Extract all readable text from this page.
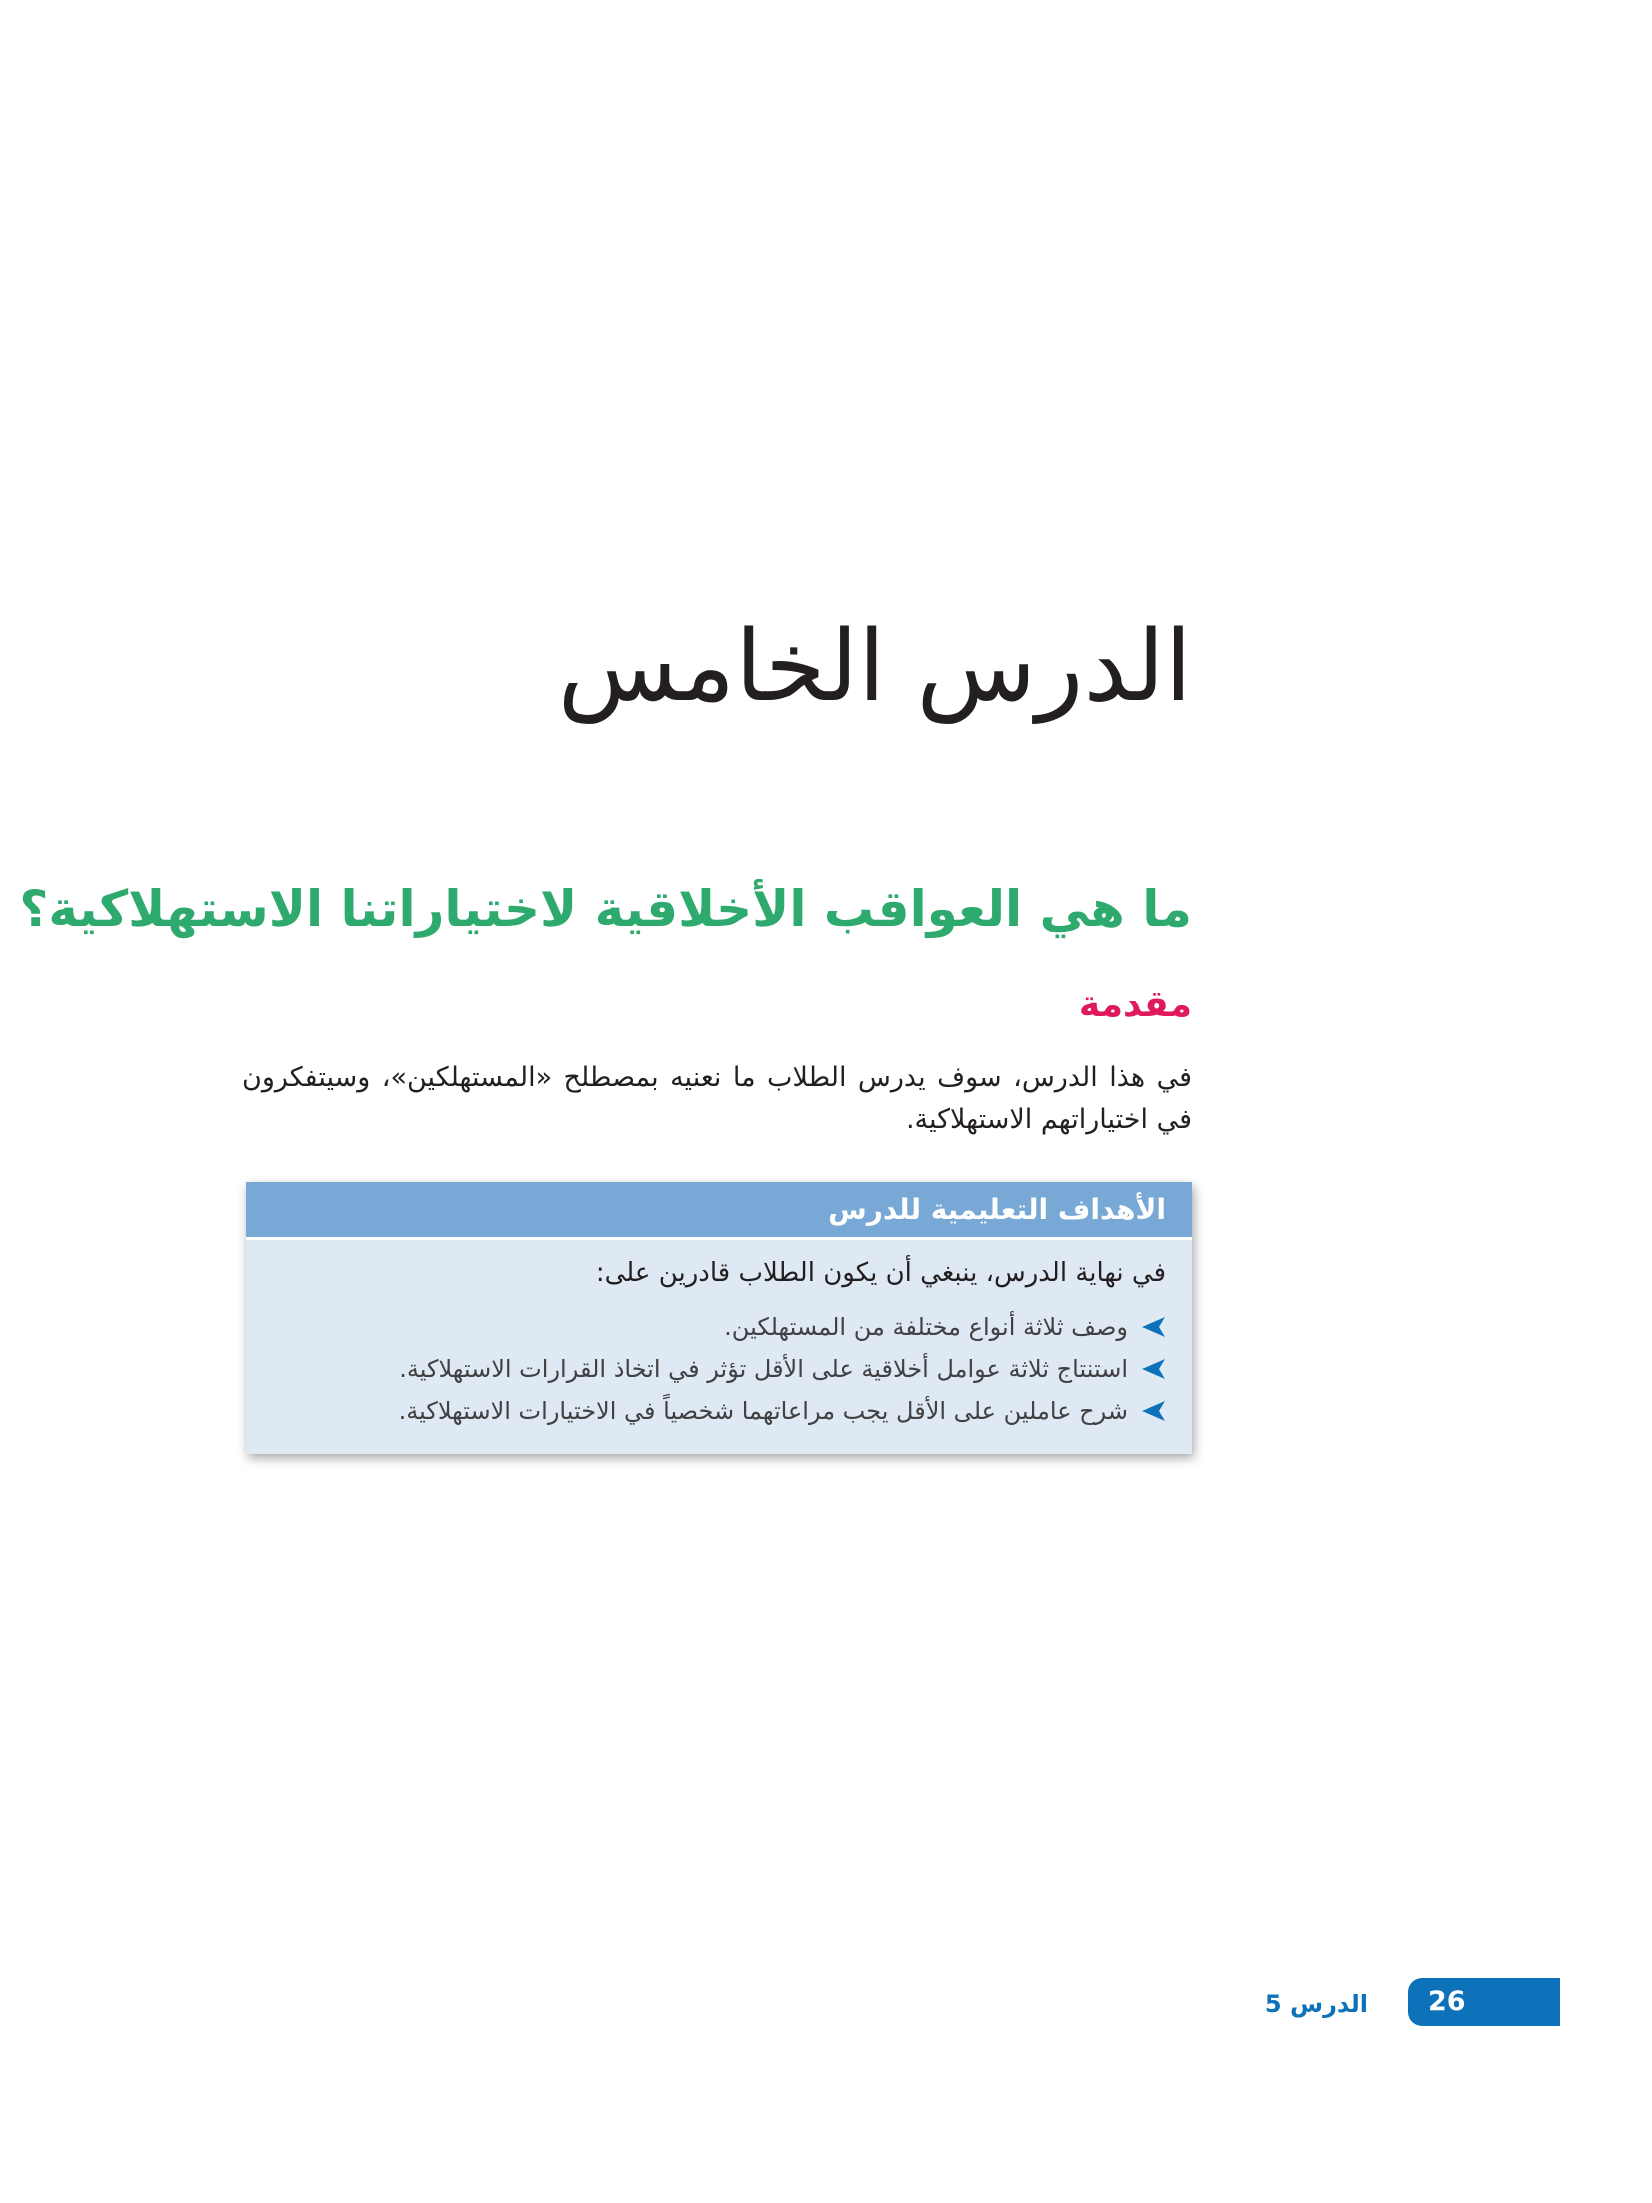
الدرس الخامس
ما هي العواقب الأخلاقية لاختياراتنا الاستهلاكية؟
مقدمة

في هذا الدرس، سوف يدرس الطلاب ما نعنيه بمصطلح «المستهلكين»، وسيتفكرون في اختياراتهم الاستهلاكية.

الأهداف التعليمية للدرس
في نهاية الدرس، ينبغي أن يكون الطلاب قادرين على:
وصف ثلاثة أنواع مختلفة من المستهلكين.
استنتاج ثلاثة عوامل أخلاقية على الأقل تؤثر في اتخاذ القرارات الاستهلاكية.
شرح عاملين على الأقل يجب مراعاتهما شخصياً في الاختيارات الاستهلاكية.
الدرس 5 26
